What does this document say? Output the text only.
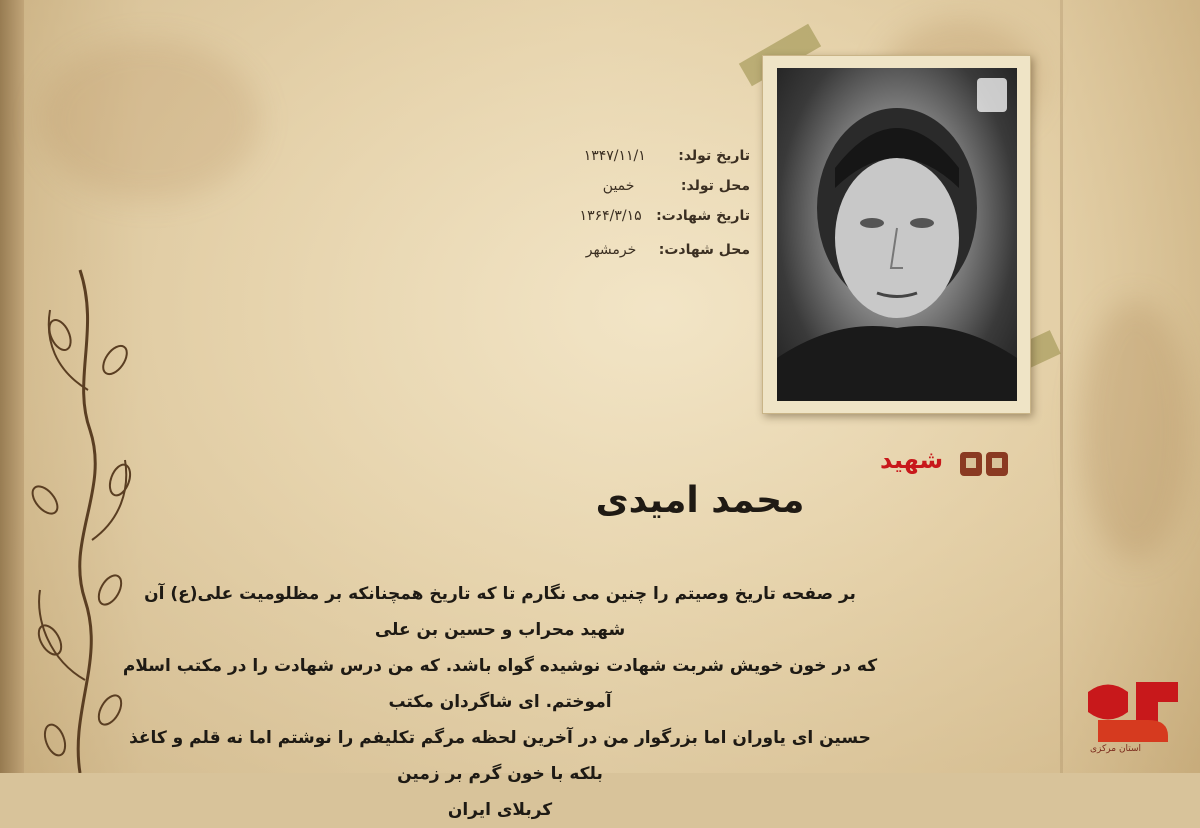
تاریخ تولد: ۱۳۴۷/۱۱/۱
محل تولد: خمین
تاریخ شهادت: ۱۳۶۴/۳/۱۵
محل شهادت: خرمشهر
شهید
محمد امیدی

بر صفحه تاریخ وصیتم را چنین می نگارم تا که تاریخ همچنانکه بر مظلومیت علی(ع) آن شهید محراب و حسین بن علی

که در خون خویش شربت شهادت نوشیده گواه باشد. که من درس شهادت را در مکتب اسلام آموختم. ای شاگردان مکتب

حسین ای یاوران اما بزرگوار من در آخرین لحظه مرگم تکلیفم را نوشتم اما نه قلم و کاغذ بلکه با خون گرم بر زمین

کربلای ایران

استان مرکزی
